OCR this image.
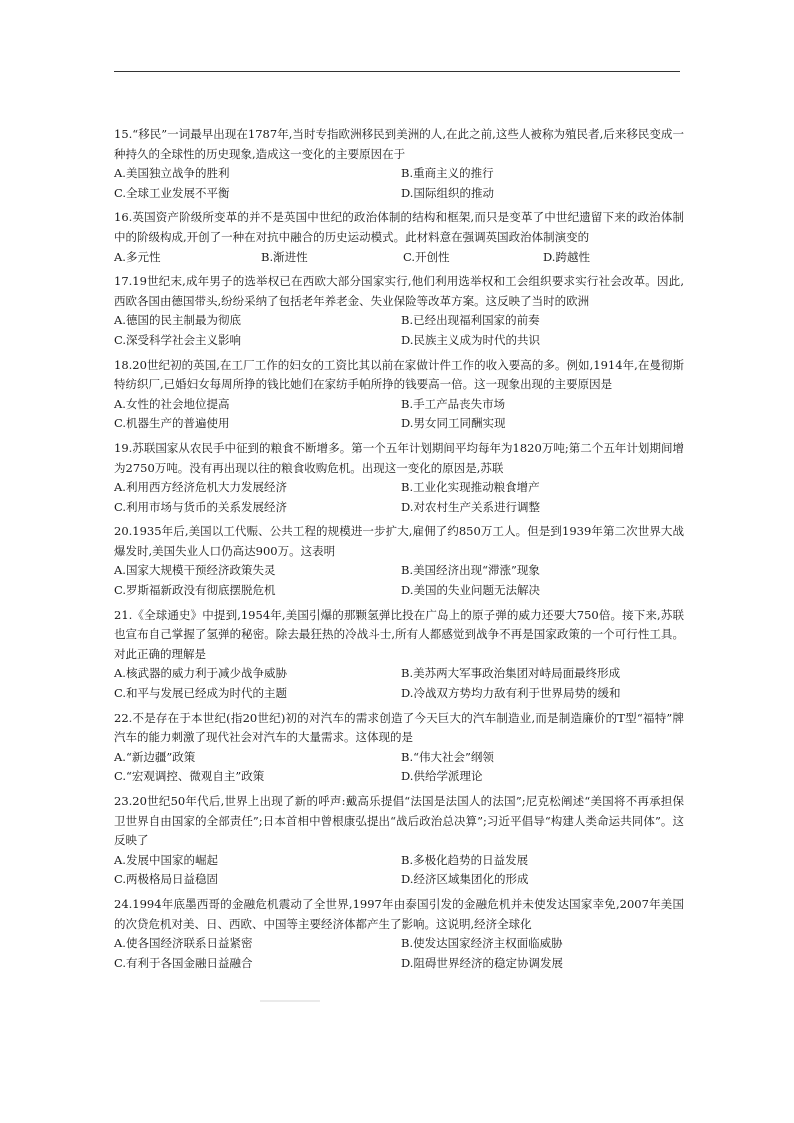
15.“移民”一词最早出现在1787年,当时专指欧洲移民到美洲的人,在此之前,这些人被称为殖民者,后来移民变成一种持久的全球性的历史现象,造成这一变化的主要原因在于

A.美国独立战争的胜利	B.重商主义的推行
C.全球工业发展不平衡	D.国际组织的推动

16.英国资产阶级所变革的并不是英国中世纪的政治体制的结构和框架,而只是变革了中世纪遗留下来的政治体制中的阶级构成,开创了一种在对抗中融合的历史运动模式。此材料意在强调英国政治体制演变的

A.多元性	B.渐进性	C.开创性	D.跨越性

17.19世纪末,成年男子的选举权已在西欧大部分国家实行,他们利用选举权和工会组织要求实行社会改革。因此,西欧各国由德国带头,纷纷采纳了包括老年养老金、失业保险等改革方案。这反映了当时的欧洲

A.德国的民主制最为彻底	B.已经出现福利国家的前奏
C.深受科学社会主义影响	D.民族主义成为时代的共识

18.20世纪初的英国,在工厂工作的妇女的工资比其以前在家做计件工作的收入要高的多。例如,1914年,在曼彻斯特纺织厂,已婚妇女每周所挣的钱比她们在家纺手帕所挣的钱要高一倍。这一现象出现的主要原因是

A.女性的社会地位提高	B.手工产品丧失市场
C.机器生产的普遍使用	D.男女同工同酬实现

19.苏联国家从农民手中征到的粮食不断增多。第一个五年计划期间平均每年为1820万吨;第二个五年计划期间增为2750万吨。没有再出现以往的粮食收购危机。出现这一变化的原因是,苏联

A.利用西方经济危机大力发展经济	B.工业化实现推动粮食增产
C.利用市场与货币的关系发展经济	D.对农村生产关系进行调整

20.1935年后,美国以工代赈、公共工程的规模进一步扩大,雇佣了约850万工人。但是到1939年第二次世界大战爆发时,美国失业人口仍高达900万。这表明

A.国家大规模干预经济政策失灵	B.美国经济出现“滞涨”现象
C.罗斯福新政没有彻底摆脱危机	D.美国的失业问题无法解决

21.《全球通史》中提到,1954年,美国引爆的那颗氢弹比投在广岛上的原子弹的威力还要大750倍。接下来,苏联也宣布自己掌握了氢弹的秘密。除去最狂热的冷战斗士,所有人都感觉到战争不再是国家政策的一个可行性工具。对此正确的理解是

A.核武器的威力利于减少战争威胁	B.美苏两大军事政治集团对峙局面最终形成
C.和平与发展已经成为时代的主题	D.冷战双方势均力敌有利于世界局势的缓和

22.不是存在于本世纪(指20世纪)初的对汽车的需求创造了今天巨大的汽车制造业,而是制造廉价的T型“福特”牌汽车的能力刺激了现代社会对汽车的大量需求。这体现的是

A.“新边疆”政策	B.“伟大社会”纲领
C.“宏观调控、微观自主”政策	D.供给学派理论

23.20世纪50年代后,世界上出现了新的呼声:戴高乐提倡“法国是法国人的法国”;尼克松阐述“美国将不再承担保卫世界自由国家的全部责任”;日本首相中曾根康弘提出“战后政治总决算”;习近平倡导“构建人类命运共同体”。这反映了

A.发展中国家的崛起	B.多极化趋势的日益发展
C.两极格局日益稳固	D.经济区域集团化的形成

24.1994年底墨西哥的金融危机震动了全世界,1997年由泰国引发的金融危机并未使发达国家幸免,2007年美国的次贷危机对美、日、西欧、中国等主要经济体都产生了影响。这说明,经济全球化

A.使各国经济联系日益紧密	B.使发达国家经济主权面临威胁
C.有利于各国金融日益融合	D.阻碍世界经济的稳定协调发展
